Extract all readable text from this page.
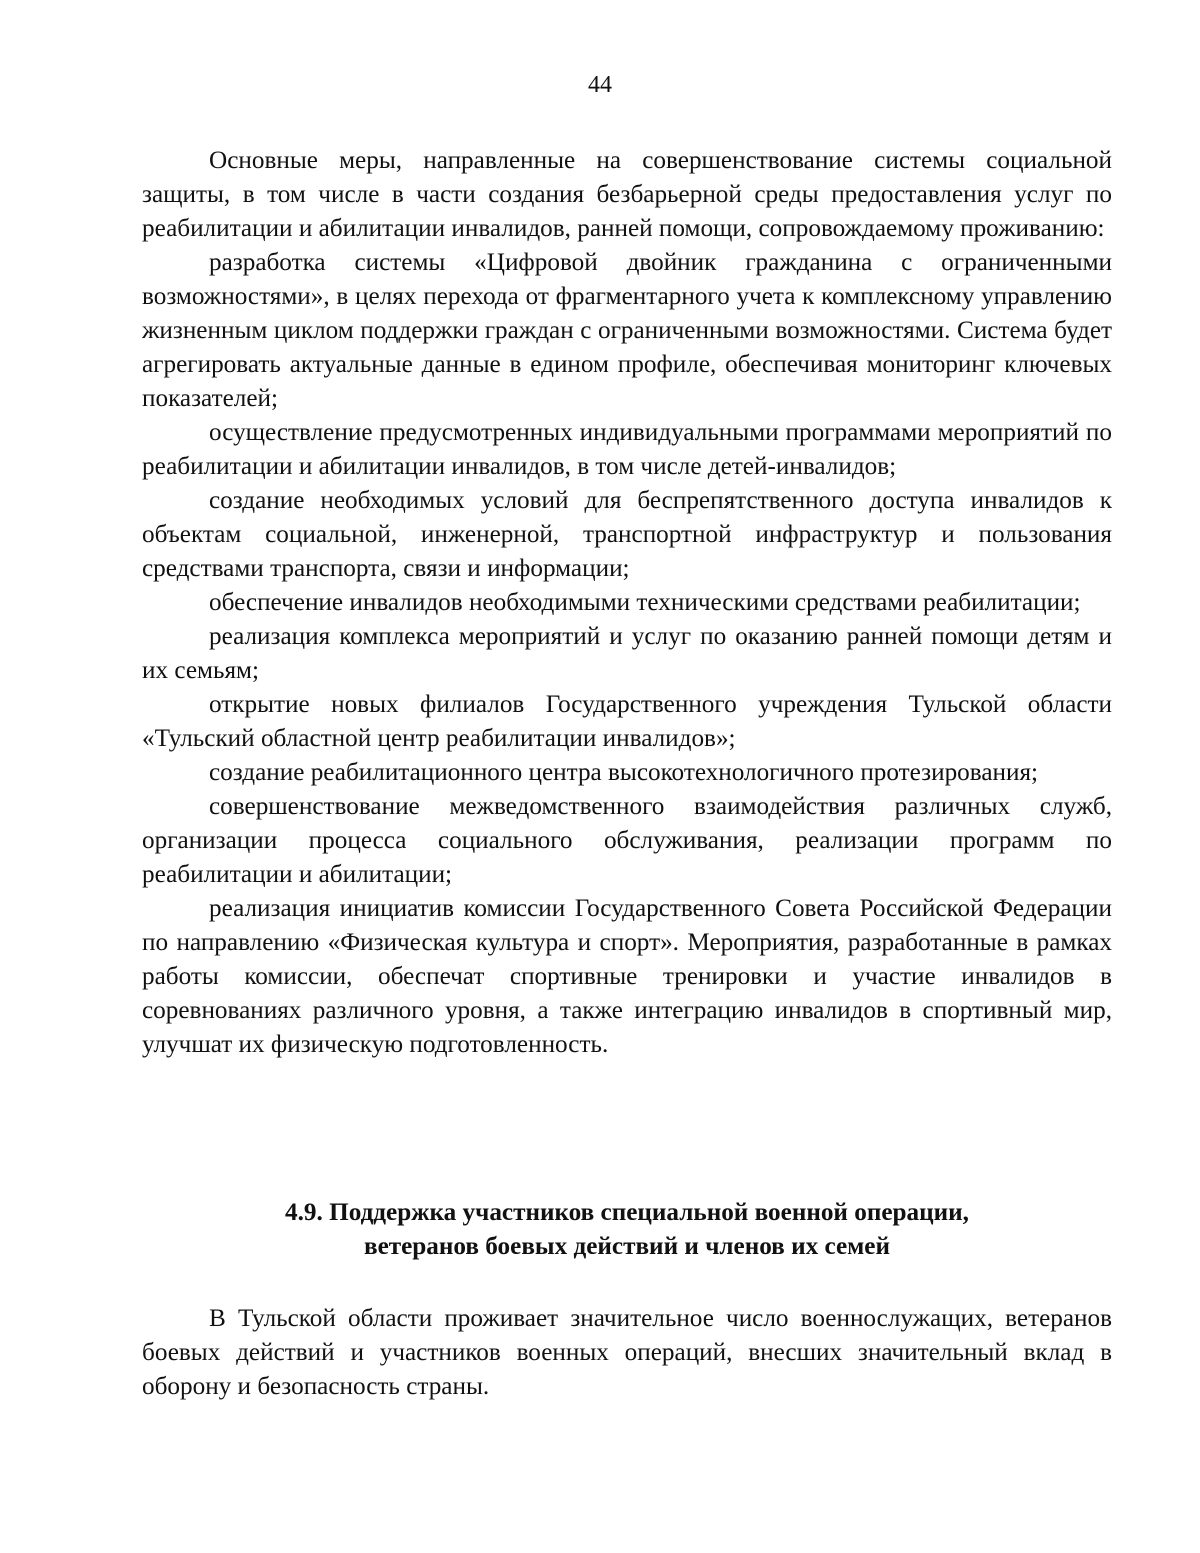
44

Основные меры, направленные на совершенствование системы социальной защиты, в том числе в части создания безбарьерной среды предоставления услуг по реабилитации и абилитации инвалидов, ранней помощи, сопровождаемому проживанию:

разработка системы «Цифровой двойник гражданина с ограниченными возможностями», в целях перехода от фрагментарного учета к комплексному управлению жизненным циклом поддержки граждан с ограниченными возможностями. Система будет агрегировать актуальные данные в едином профиле, обеспечивая мониторинг ключевых показателей;

осуществление предусмотренных индивидуальными программами мероприятий по реабилитации и абилитации инвалидов, в том числе детей-инвалидов;

создание необходимых условий для беспрепятственного доступа инвалидов к объектам социальной, инженерной, транспортной инфраструктур и пользования средствами транспорта, связи и информации;

обеспечение инвалидов необходимыми техническими средствами реабилитации;

реализация комплекса мероприятий и услуг по оказанию ранней помощи детям и их семьям;

открытие новых филиалов Государственного учреждения Тульской области «Тульский областной центр реабилитации инвалидов»;

создание реабилитационного центра высокотехнологичного протезирования;

совершенствование межведомственного взаимодействия различных служб, организации процесса социального обслуживания, реализации программ по реабилитации и абилитации;

реализация инициатив комиссии Государственного Совета Российской Федерации по направлению «Физическая культура и спорт». Мероприятия, разработанные в рамках работы комиссии, обеспечат спортивные тренировки и участие инвалидов в соревнованиях различного уровня, а также интеграцию инвалидов в спортивный мир, улучшат их физическую подготовленность.

4.9. Поддержка участников специальной военной операции,
ветеранов боевых действий и членов их семей

В Тульской области проживает значительное число военнослужащих, ветеранов боевых действий и участников военных операций, внесших значительный вклад в оборону и безопасность страны.
